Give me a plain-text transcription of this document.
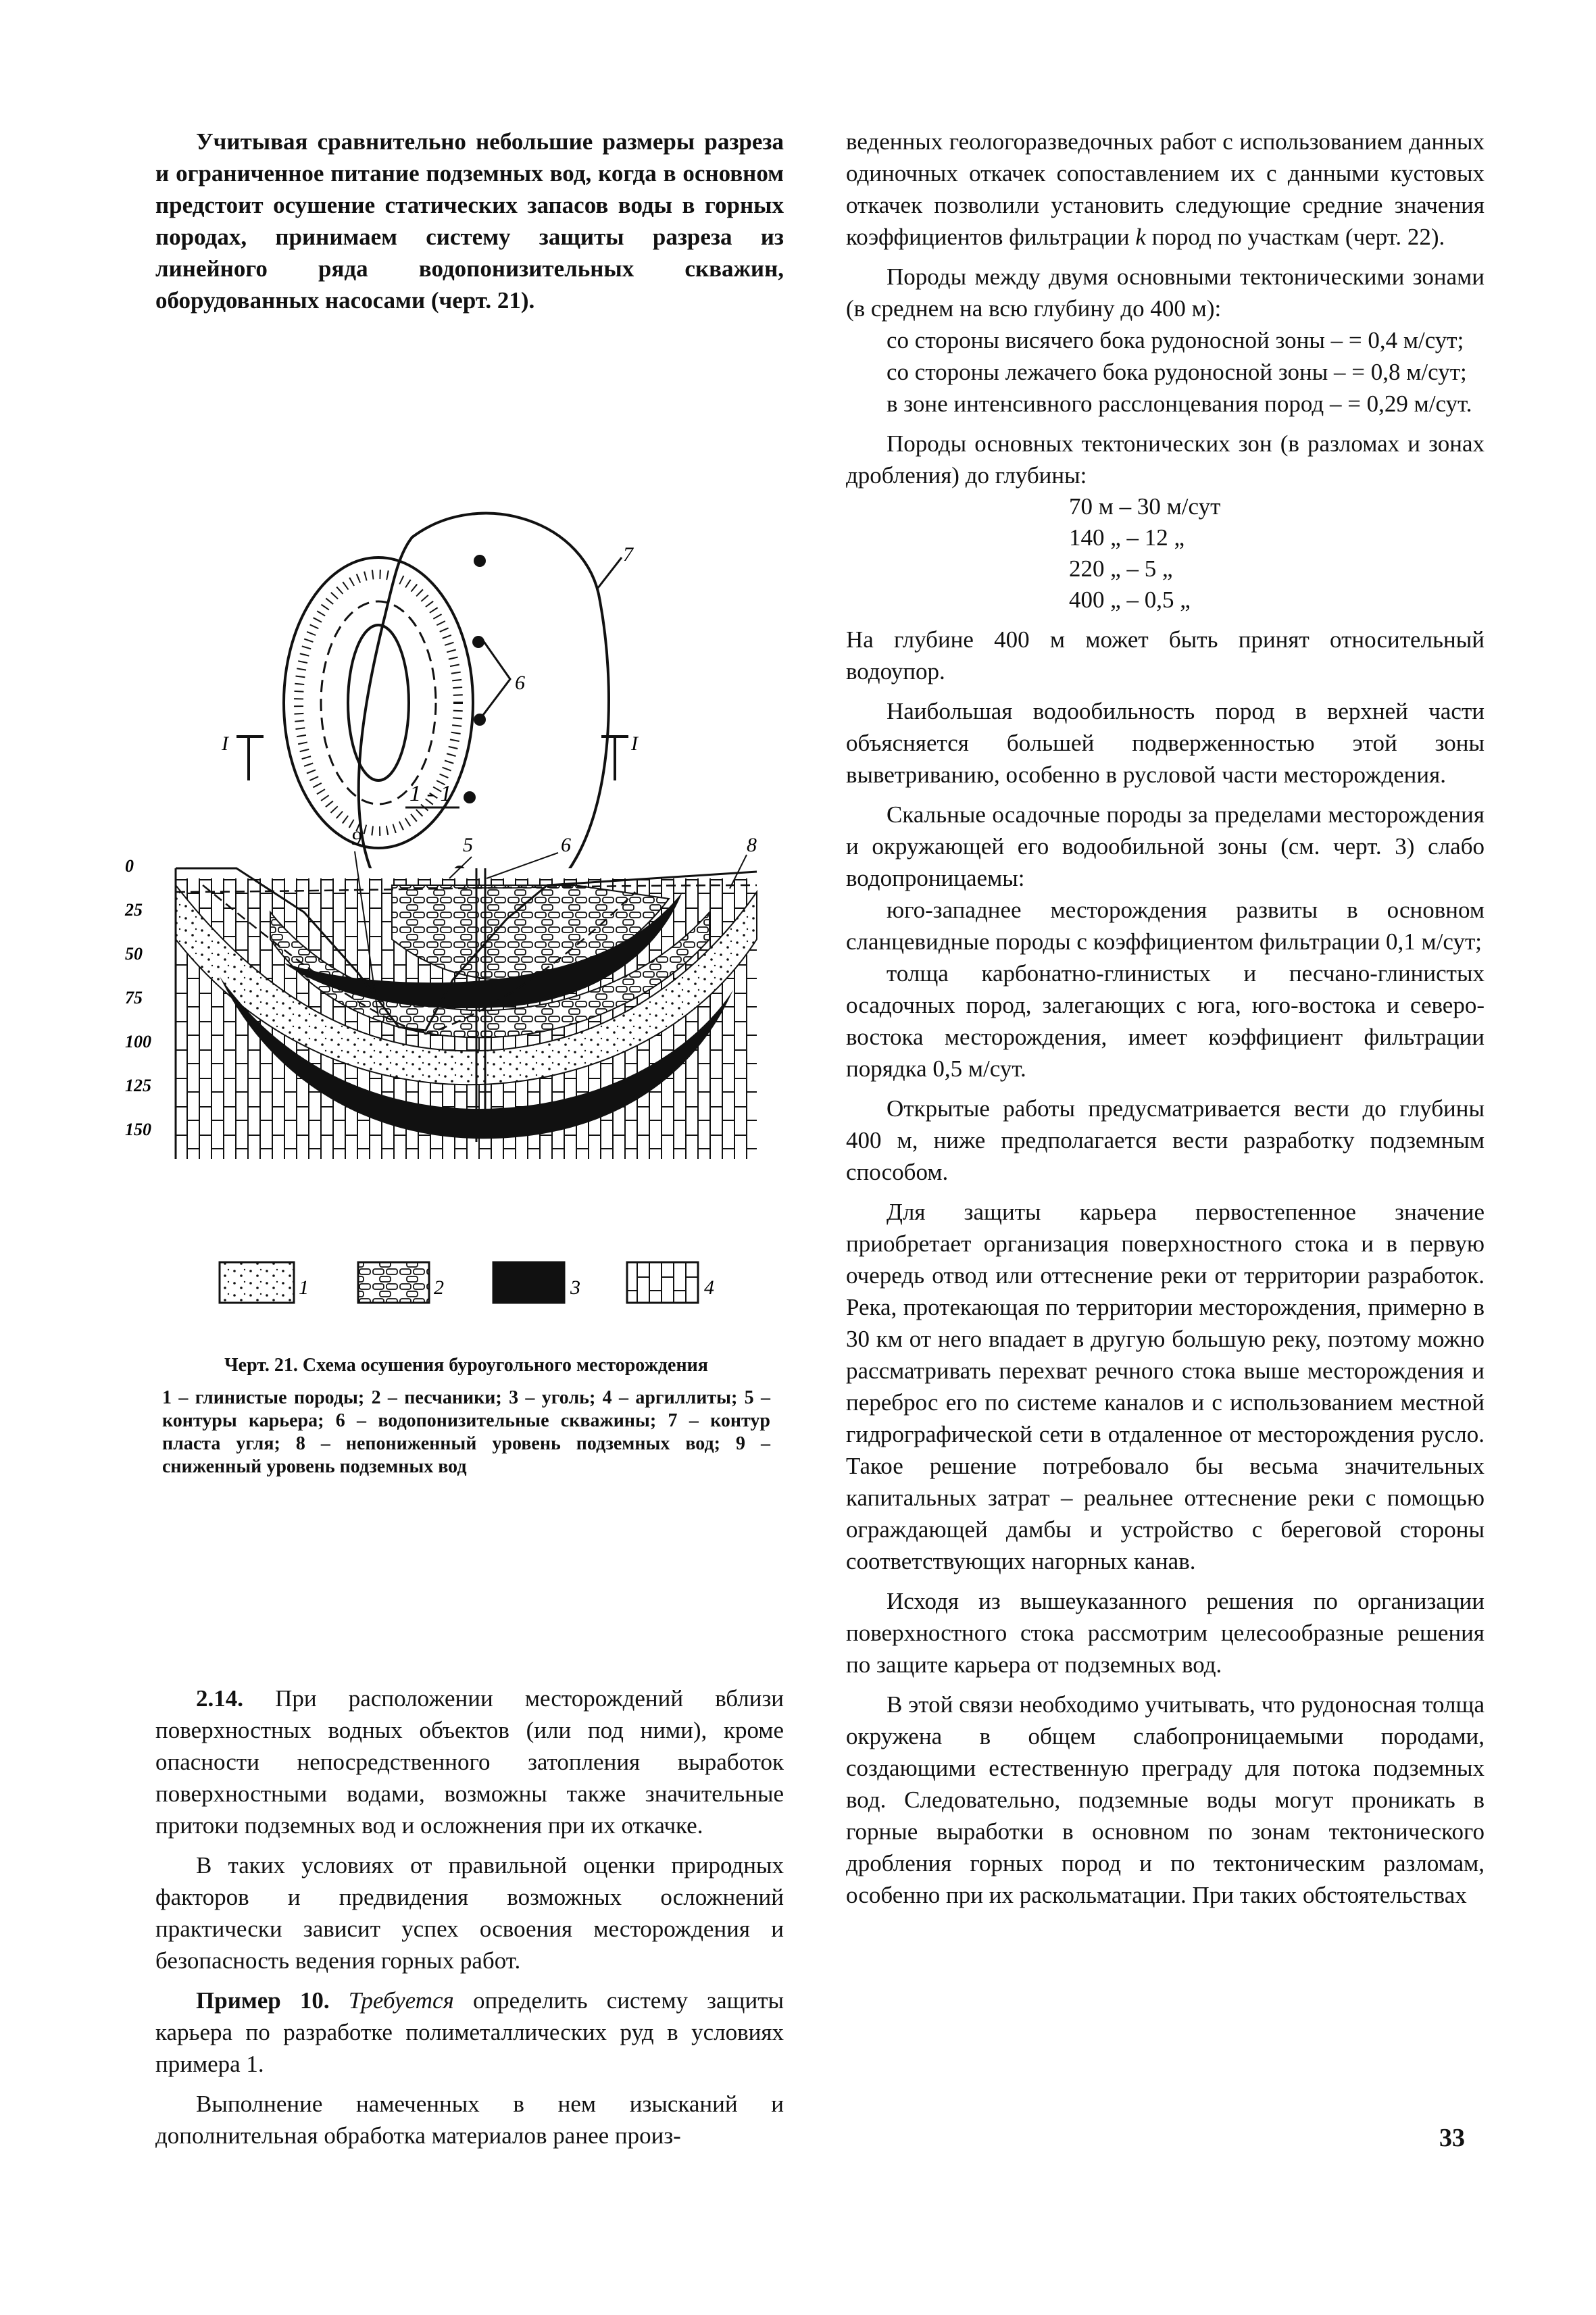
Учитывая сравнительно небольшие размеры разреза и ограниченное питание подземных вод, когда в основном предстоит осушение статических запасов воды в горных породах, принимаем систему защиты разреза из линейного ряда водопонизительных скважин, оборудованных насосами (черт. 21).

6
7
I	I
1 - 1
0
25
50
75
100
125
150
9	5	6	8
1	2	3	4
Черт. 21. Схема осушения буроугольного месторождения
1 – глинистые породы; 2 – песчаники; 3 – уголь; 4 – аргиллиты; 5 – контуры карьера; 6 – водопонизительные скважины; 7 – контур пласта угля; 8 – непониженный уровень подземных вод; 9 – сниженный уровень подземных вод

2.14. При расположении месторождений вблизи поверхностных водных объектов (или под ними), кроме опасности непосредственного затопления выработок поверхностными водами, возможны также значительные притоки подземных вод и осложнения при их откачке.

В таких условиях от правильной оценки природных факторов и предвидения возможных осложнений практически зависит успех освоения месторождения и безопасность ведения горных работ.

Пример 10. Требуется определить систему защиты карьера по разработке полиметаллических руд в условиях примера 1.

Выполнение намеченных в нем изысканий и дополнительная обработка материалов ранее произ-

веденных геологоразведочных работ с использованием данных одиночных откачек сопоставлением их с данными кустовых откачек позволили установить следующие средние значения коэффициентов фильтрации k пород по участкам (черт. 22).

Породы между двумя основными тектоническими зонами (в среднем на всю глубину до 400 м):

со стороны висячего бока рудоносной зоны – = 0,4 м/сут;

со стороны лежачего бока рудоносной зоны – = 0,8 м/сут;

в зоне интенсивного расслонцевания пород – = 0,29 м/сут.

Породы основных тектонических зон (в разломах и зонах дробления) до глубины:

70 м – 30 м/сут
140 „ – 12 „
220 „ – 5 „
400 „ – 0,5 „

На глубине 400 м может быть принят относительный водоупор.

Наибольшая водообильность пород в верхней части объясняется большей подверженностью этой зоны выветриванию, особенно в русловой части месторождения.

Скальные осадочные породы за пределами месторождения и окружающей его водообильной зоны (см. черт. 3) слабо водопроницаемы:

юго-западнее месторождения развиты в основном сланцевидные породы с коэффициентом фильтрации 0,1 м/сут;

толща карбонатно-глинистых и песчано-глинистых осадочных пород, залегающих с юга, юго-востока и северо-востока месторождения, имеет коэффициент фильтрации порядка 0,5 м/сут.

Открытые работы предусматривается вести до глубины 400 м, ниже предполагается вести разработку подземным способом.

Для защиты карьера первостепенное значение приобретает организация поверхностного стока и в первую очередь отвод или оттеснение реки от территории разработок. Река, протекающая по территории месторождения, примерно в 30 км от него впадает в другую большую реку, поэтому можно рассматривать перехват речного стока выше месторождения и переброс его по системе каналов и с использованием местной гидрографической сети в отдаленное от месторождения русло. Такое решение потребовало бы весьма значительных капитальных затрат – реальнее оттеснение реки с помощью ограждающей дамбы и устройство с береговой стороны соответствующих нагорных канав.

Исходя из вышеуказанного решения по организации поверхностного стока рассмотрим целесообразные решения по защите карьера от подземных вод.

В этой связи необходимо учитывать, что рудоносная толща окружена в общем слабопроницаемыми породами, создающими естественную преграду для потока подземных вод. Следовательно, подземные воды могут проникать в горные выработки в основном по зонам тектонического дробления горных пород и по тектоническим разломам, особенно при их раскольматации. При таких обстоятельствах

33
